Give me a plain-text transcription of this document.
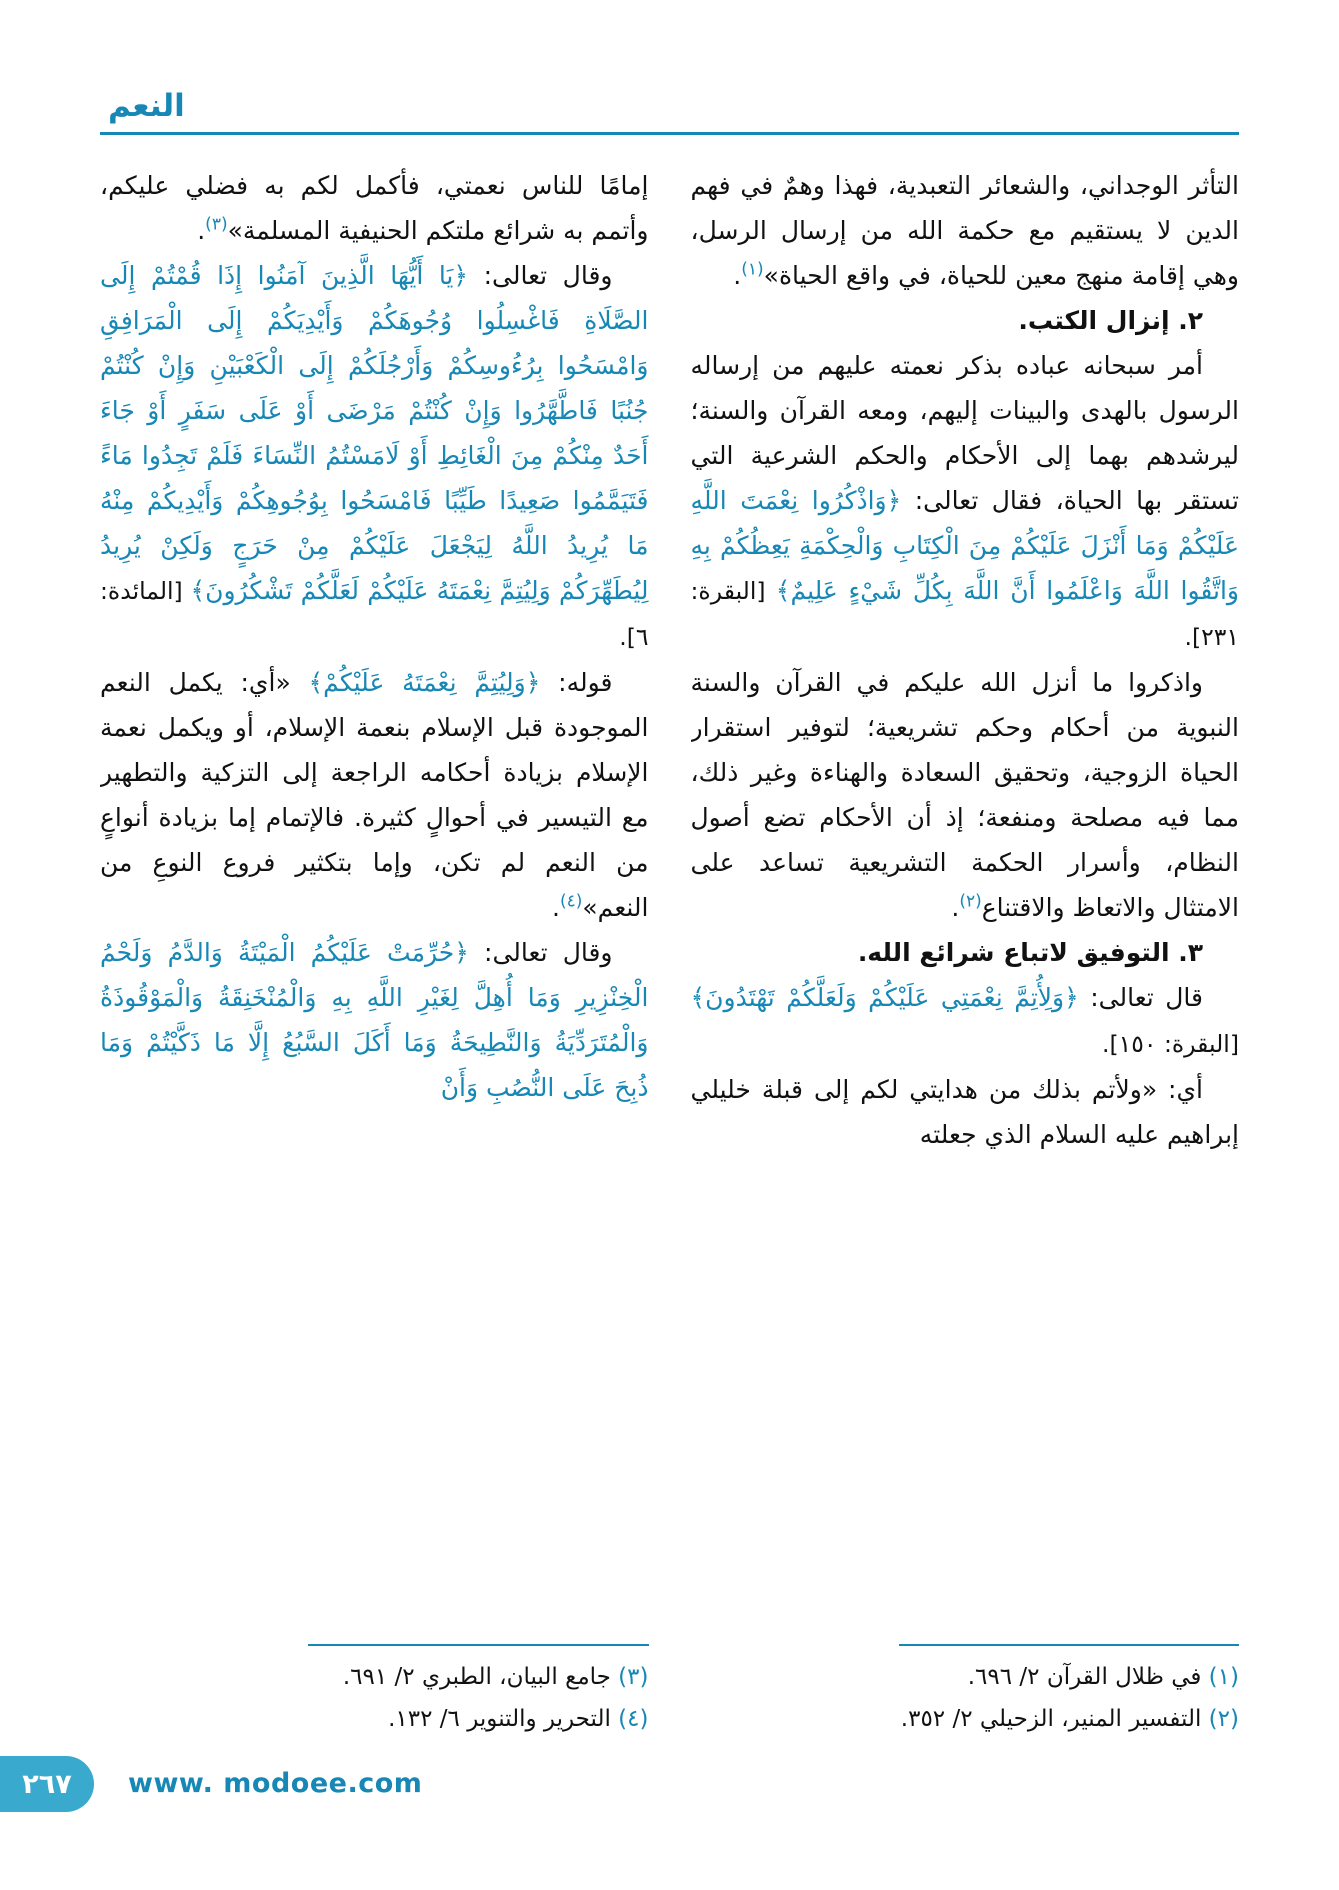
النعم

التأثر الوجداني، والشعائر التعبدية، فهذا وهمٌ في فهم الدين لا يستقيم مع حكمة الله من إرسال الرسل، وهي إقامة منهج معين للحياة، في واقع الحياة»$^{(١)}$.

٢. إنزال الكتب.

أمر سبحانه عباده بذكر نعمته عليهم من إرساله الرسول بالهدى والبينات إليهم، ومعه القرآن والسنة؛ ليرشدهم بهما إلى الأحكام والحكم الشرعية التي تستقر بها الحياة، فقال تعالى: ﴿وَاذْكُرُوا نِعْمَتَ اللَّهِ عَلَيْكُمْ وَمَا أَنْزَلَ عَلَيْكُمْ مِنَ الْكِتَابِ وَالْحِكْمَةِ يَعِظُكُمْ بِهِ وَاتَّقُوا اللَّهَ وَاعْلَمُوا أَنَّ اللَّهَ بِكُلِّ شَيْءٍ عَلِيمٌ﴾ [البقرة: ٢٣١].

واذكروا ما أنزل الله عليكم في القرآن والسنة النبوية من أحكام وحكم تشريعية؛ لتوفير استقرار الحياة الزوجية، وتحقيق السعادة والهناءة وغير ذلك، مما فيه مصلحة ومنفعة؛ إذ أن الأحكام تضع أصول النظام، وأسرار الحكمة التشريعية تساعد على الامتثال والاتعاظ والاقتناع$^{(٢)}$.

٣. التوفيق لاتباع شرائع الله.

قال تعالى: ﴿وَلِأُتِمَّ نِعْمَتِي عَلَيْكُمْ وَلَعَلَّكُمْ تَهْتَدُونَ﴾ [البقرة: ١٥٠].

أي: «ولأتم بذلك من هدايتي لكم إلى قبلة خليلي إبراهيم عليه السلام الذي جعلته

(١) في ظلال القرآن ٢/ ٦٩٦.
(٢) التفسير المنير، الزحيلي ٢/ ٣٥٢.

إمامًا للناس نعمتي، فأكمل لكم به فضلي عليكم، وأتمم به شرائع ملتكم الحنيفية المسلمة»$^{(٣)}$.

وقال تعالى: ﴿يَا أَيُّهَا الَّذِينَ آمَنُوا إِذَا قُمْتُمْ إِلَى الصَّلَاةِ فَاغْسِلُوا وُجُوهَكُمْ وَأَيْدِيَكُمْ إِلَى الْمَرَافِقِ وَامْسَحُوا بِرُءُوسِكُمْ وَأَرْجُلَكُمْ إِلَى الْكَعْبَيْنِ وَإِنْ كُنْتُمْ جُنُبًا فَاطَّهَّرُوا وَإِنْ كُنْتُمْ مَرْضَى أَوْ عَلَى سَفَرٍ أَوْ جَاءَ أَحَدٌ مِنْكُمْ مِنَ الْغَائِطِ أَوْ لَامَسْتُمُ النِّسَاءَ فَلَمْ تَجِدُوا مَاءً فَتَيَمَّمُوا صَعِيدًا طَيِّبًا فَامْسَحُوا بِوُجُوهِكُمْ وَأَيْدِيكُمْ مِنْهُ مَا يُرِيدُ اللَّهُ لِيَجْعَلَ عَلَيْكُمْ مِنْ حَرَجٍ وَلَكِنْ يُرِيدُ لِيُطَهِّرَكُمْ وَلِيُتِمَّ نِعْمَتَهُ عَلَيْكُمْ لَعَلَّكُمْ تَشْكُرُونَ﴾ [المائدة: ٦].

قوله: ﴿وَلِيُتِمَّ نِعْمَتَهُ عَلَيْكُمْ﴾ «أي: يكمل النعم الموجودة قبل الإسلام بنعمة الإسلام، أو ويكمل نعمة الإسلام بزيادة أحكامه الراجعة إلى التزكية والتطهير مع التيسير في أحوالٍ كثيرة. فالإتمام إما بزيادة أنواعٍ من النعم لم تكن، وإما بتكثير فروع النوعِ من النعم»$^{(٤)}$.

وقال تعالى: ﴿حُرِّمَتْ عَلَيْكُمُ الْمَيْتَةُ وَالدَّمُ وَلَحْمُ الْخِنْزِيرِ وَمَا أُهِلَّ لِغَيْرِ اللَّهِ بِهِ وَالْمُنْخَنِقَةُ وَالْمَوْقُوذَةُ وَالْمُتَرَدِّيَةُ وَالنَّطِيحَةُ وَمَا أَكَلَ السَّبُعُ إِلَّا مَا ذَكَّيْتُمْ وَمَا ذُبِحَ عَلَى النُّصُبِ وَأَنْ

(٣) جامع البيان، الطبري ٢/ ٦٩١.
(٤) التحرير والتنوير ٦/ ١٣٢.
٢٦٧	www. modoee.com
